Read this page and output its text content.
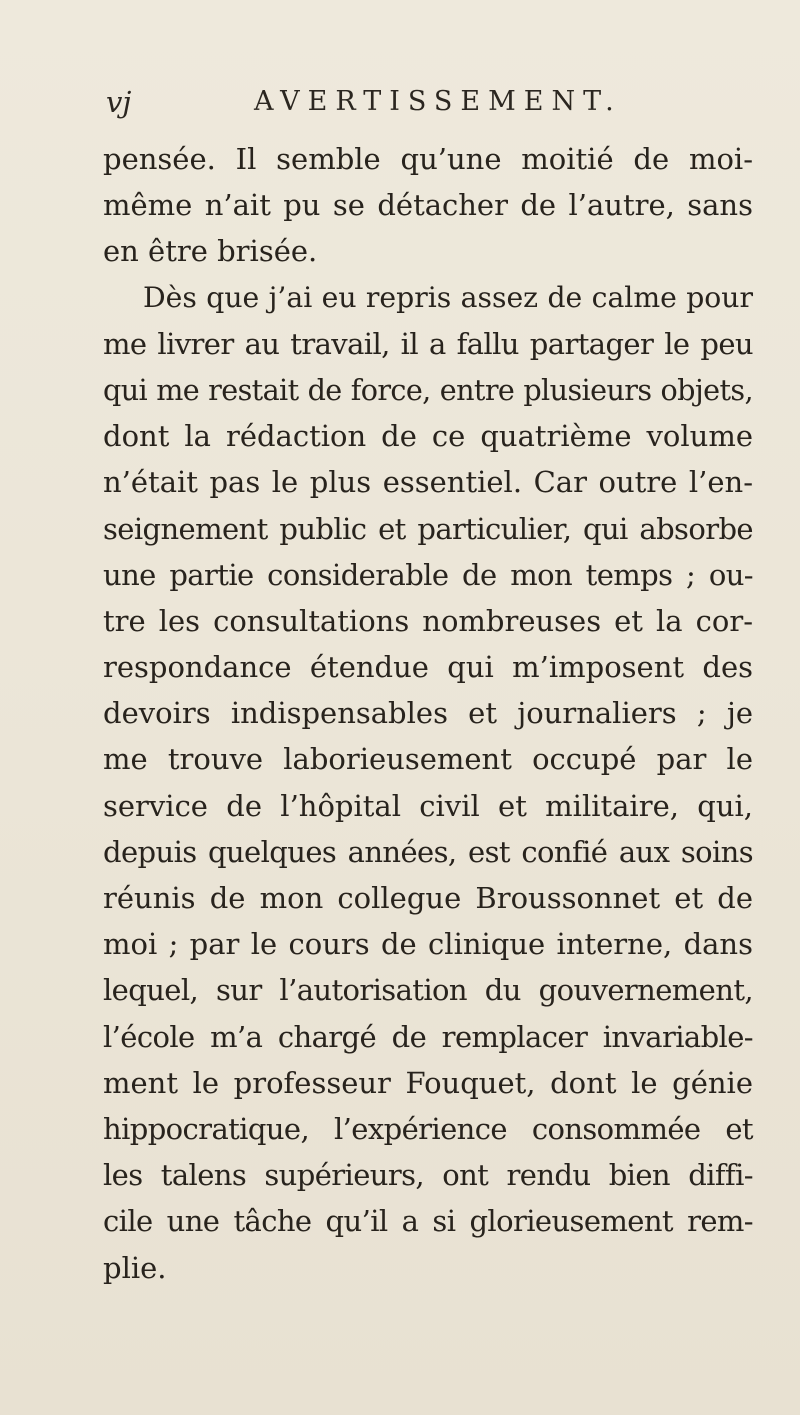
vj	AVERTISSEMENT.
pensée. Il semble qu’une moitié de moi-
même n’ait pu se détacher de l’autre, sans
en être brisée.
Dès que j’ai eu repris assez de calme pour
me livrer au travail, il a fallu partager le peu
qui me restait de force, entre plusieurs objets,
dont la rédaction de ce quatrième volume
n’était pas le plus essentiel. Car outre l’en-
seignement public et particulier, qui absorbe
une partie considerable de mon temps ; ou-
tre les consultations nombreuses et la cor-
respondance étendue qui m’imposent des
devoirs indispensables et journaliers ; je
me trouve laborieusement occupé par le
service de l’hôpital civil et militaire, qui,
depuis quelques années, est confié aux soins
réunis de mon collegue Broussonnet et de
moi ; par le cours de clinique interne, dans
lequel, sur l’autorisation du gouvernement,
l’école m’a chargé de remplacer invariable-
ment le professeur Fouquet, dont le génie
hippocratique, l’expérience consommée et
les talens supérieurs, ont rendu bien diffi-
cile une tâche qu’il a si glorieusement rem-
plie.
